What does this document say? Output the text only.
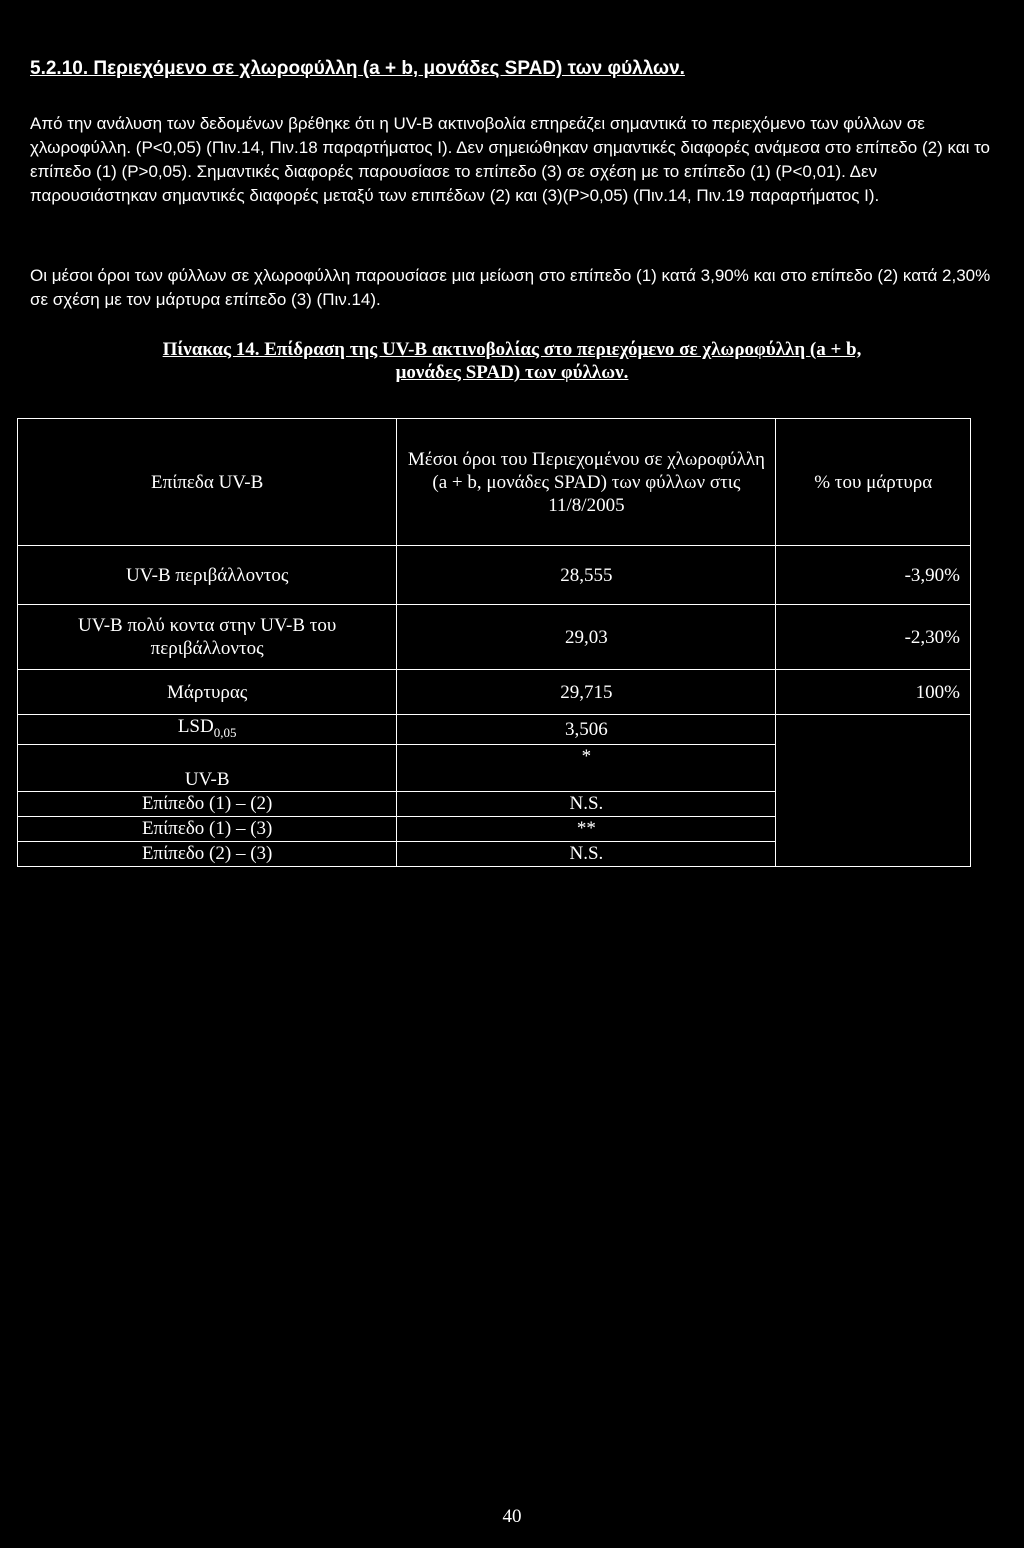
5.2.10. Περιεχόμενο σε χλωροφύλλη (a + b, μονάδες SPAD) των φύλλων.
Από την ανάλυση των δεδομένων βρέθηκε ότι η UV-B ακτινοβολία επηρεάζει σημαντικά το περιεχόμενο των φύλλων σε χλωροφύλλη. (P<0,05) (Πιν.14, Πιν.18 παραρτήματος I). Δεν σημειώθηκαν σημαντικές διαφορές ανάμεσα στο επίπεδο (2) και το επίπεδο (1) (P>0,05). Σημαντικές διαφορές παρουσίασε το επίπεδο (3) σε σχέση με το επίπεδο (1) (P<0,01). Δεν παρουσιάστηκαν σημαντικές διαφορές μεταξύ των επιπέδων (2) και (3)(P>0,05) (Πιν.14, Πιν.19 παραρτήματος I).
Οι μέσοι όροι των φύλλων σε χλωροφύλλη παρουσίασε μια μείωση στο επίπεδο (1) κατά 3,90% και στο επίπεδο (2) κατά 2,30% σε σχέση με τον μάρτυρα επίπεδο (3) (Πιν.14).
Πίνακας 14. Επίδραση της UV-B ακτινοβολίας στο περιεχόμενο σε χλωροφύλλη (a + b,
μονάδες SPAD) των φύλλων.
Επίπεδα UV-B	Μέσοι όροι του Περιεχομένου σε χλωροφύλλη (a + b, μονάδες SPAD) των φύλλων στις 11/8/2005	% του μάρτυρα
UV-B περιβάλλοντος	28,555	-3,90%
UV-B πολύ κοντα στην UV-B του περιβάλλοντος	29,03	-2,30%
Μάρτυρας	29,715	100%
$LSD_{0,05}$	3,506	
UV-B	*	
Επίπεδο (1) – (2)	N.S.	
Επίπεδο (1) – (3)	**	
Επίπεδο (2) – (3)	N.S.	
40
